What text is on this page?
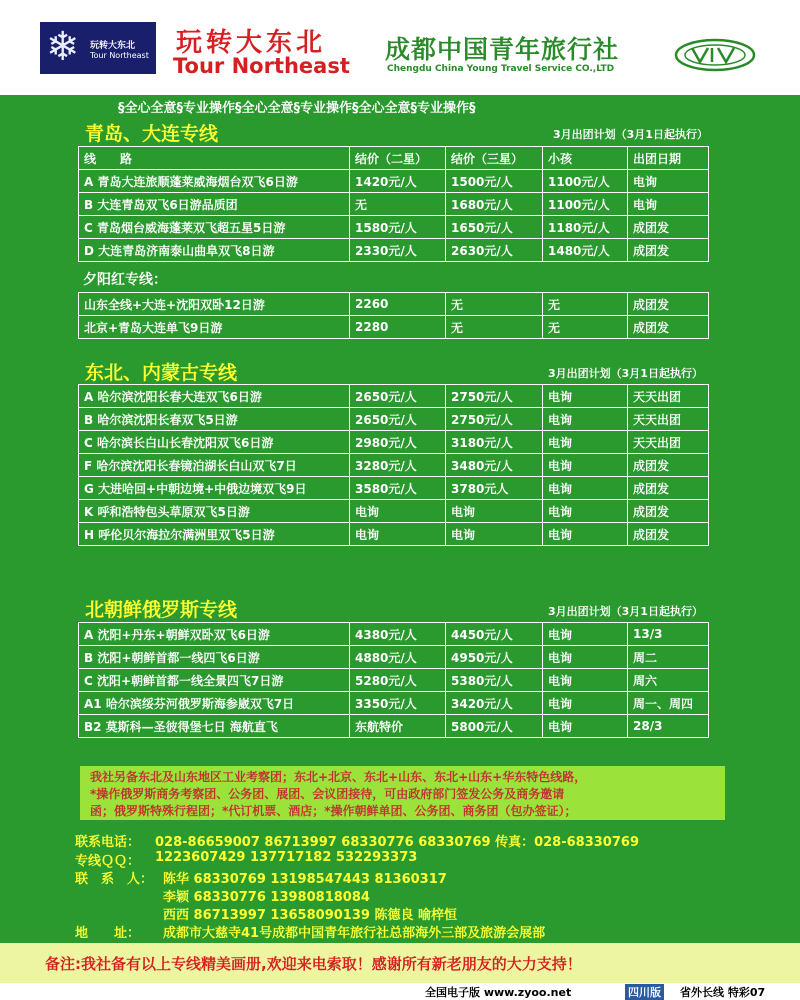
❄ 玩转大东北
Tour Northeast 玩转大东北
Tour Northeast
成都中国青年旅行社
Chengdu China Young Travel Service CO.,LTD
§全心全意§专业操作§全心全意§专业操作§全心全意§专业操作§
青岛、大连专线	3月出团计划（3月1日起执行）
线　　路	结价（二星）	结价（三星）	小孩	出团日期
A 青岛大连旅顺蓬莱威海烟台双飞6日游	1420元/人	1500元/人	1100元/人	电询
B 大连青岛双飞6日游品质团	无	1680元/人	1100元/人	电询
C 青岛烟台威海蓬莱双飞超五星5日游	1580元/人	1650元/人	1180元/人	成团发
D 大连青岛济南泰山曲阜双飞8日游	2330元/人	2630元/人	1480元/人	成团发
夕阳红专线：
山东全线+大连+沈阳双卧12日游	2260	无	无	成团发
北京+青岛大连单飞9日游	2280	无	无	成团发
东北、内蒙古专线	3月出团计划（3月1日起执行）
A 哈尔滨沈阳长春大连双飞6日游	2650元/人	2750元/人	电询	天天出团
B 哈尔滨沈阳长春双飞5日游	2650元/人	2750元/人	电询	天天出团
C 哈尔滨长白山长春沈阳双飞6日游	2980元/人	3180元/人	电询	天天出团
F 哈尔滨沈阳长春镜泊湖长白山双飞7日	3280元/人	3480元/人	电询	成团发
G 大进哈回+中朝边境+中俄边境双飞9日	3580元/人	3780元人	电询	成团发
K 呼和浩特包头草原双飞5日游	电询	电询	电询	成团发
H 呼伦贝尔海拉尔满洲里双飞5日游	电询	电询	电询	成团发
北朝鲜俄罗斯专线	3月出团计划（3月1日起执行）
A 沈阳+丹东+朝鲜双卧双飞6日游	4380元/人	4450元/人	电询	13/3
B 沈阳+朝鲜首都一线四飞6日游	4880元/人	4950元/人	电询	周二
C 沈阳+朝鲜首都一线全景四飞7日游	5280元/人	5380元/人	电询	周六
A1 哈尔滨绥芬河俄罗斯海参崴双飞7日	3350元/人	3420元/人	电询	周一、周四
B2 莫斯科—圣彼得堡七日 海航直飞	东航特价	5800元/人	电询	28/3
我社另备东北及山东地区工业考察团；东北+北京、东北+山东、东北+山东+华东特色线路，
*操作俄罗斯商务考察团、公务团、展团、会议团接待，可由政府部门签发公务及商务邀请
函；俄罗斯特殊行程团；*代订机票、酒店；*操作朝鲜单团、公务团、商务团（包办签证）；
联系电话： 028-86659007 86713997 68330776 68330769 传真：028-68330769
专线ＱＱ： 1223607429 137717182 532293373
联　系　人： 陈华 68330769 13198547443 81360317
李颖 68330776 13980818084
西西 86713997 13658090139 陈德良 喻梓恒
地　　址： 成都市大慈寺41号成都中国青年旅行社总部海外三部及旅游会展部
备注:我社备有以上专线精美画册,欢迎来电索取！感谢所有新老朋友的大力支持！
全国电子版 www.zyoo.net	四川版 省外长线 特彩07
